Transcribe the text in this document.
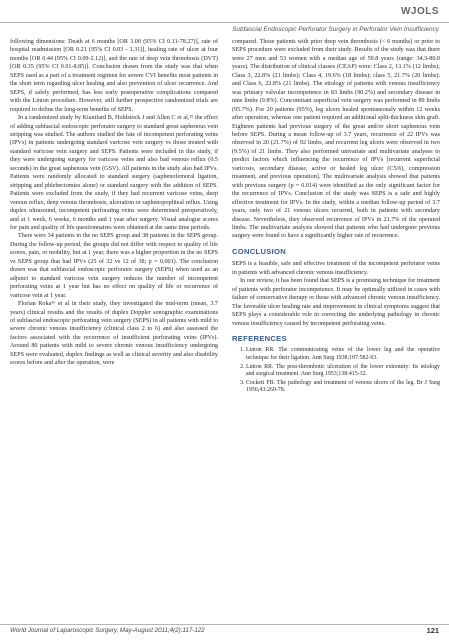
WJOLS
Subfascial Endoscopic Perforator Surgery in Perforator Vein Insufficiency

following dimensions: Death at 6 months [OR 3.00 (95% CI 0.11-78.27)], rate of hospital readmission [OR 0.21 (95% CI 0.03 - 1.31)], healing rate of ulcer at four months [OR 0.44 (95% CI 0.09-2.12)], and the rate of deep vein thrombosis (DVT) [OR 0.35 (95% CI 0.01-8.85)]. Conclusion drawn from the study was that when SEPS used as a part of a treatment regimen for severe CVI benefits most patients in the short term regarding ulcer healing and also prevention of ulcer recurrence. And SEPS, if safely performed, has less early postoperative complications compared with the Linton procedure. However, still further prospective randomized trials are required to define the long-term benefits of SEPS.

In a randomized study by Kianifard B, Holdstock J and Allen C et al,¹⁵ the effect of adding subfascial endoscopic perforator surgery to standard great saphenous vein stripping was studied. The authors studied the fate of incompetent perforating veins (IPVs) in patients undergoing standard varicose vein surgery vs those treated with standard varicose vein surgery and SEPS. Patients were included in this study, if they were undergoing surgery for varicose veins and also had venous reflux (0.5 seconds) in the great saphenous vein (GSV). All patients in the study also had IPVs. Patients were randomly allocated to standard surgery (saphenofemoral ligation, stripping and phlebectomies alone) or standard surgery with the addition of SEPS. Patients were excluded from the study, if they had recurrent varicose veins, deep venous reflux, deep venous thrombosis, ulceration or saphenopopliteal reflux. Using duplex ultrasound, incompetent perforating veins were determined preoperatively, and at 1 week, 6 weeks, 6 months and 1 year after surgery. Visual analogue scores for pain and quality of life questionnaires were obtained at the same time periods.

There were 34 patients in the no SEPS group and 38 patients in the SEPS group. During the follow-up period, the groups did not differ with respect to quality of life scores, pain, or mobility, but at 1 year, there was a higher proportion in the no SEPS vs SEPS group that had IPVs (25 of 32 vs 12 of 38; p = 0.001). The conclusion drawn was that subfascial endoscopic perforator surgery (SEPS) when used as an adjunct to standard varicose vein surgery reduces the number of incompetent perforating veins at 1 year but has no effect on quality of life or recurrence of varicose vein at 1 year.

Florian Roka¹⁶ et al in their study, they investigated the mid-term (mean, 3.7 years) clinical results and the results of duplex Doppler sonographic examinations of subfascial endoscopic perforating vein surgery (SEPS) in all patients with mild to severe chronic venous insufficiency (clinical class 2 to 6) and also assessed the factors associated with the recurrence of insufficient perforating veins (IPVs). Around 80 patients with mild to severe chronic venous insufficiency undergoing SEPS were evaluated, duplex findings as well as clinical severity and also disability scores before and after the operation, were

compared. Those patients with prior deep vein thrombosis (< 6 months) or prior to SEPS procedure were excluded from their study. Results of the study was that there were 27 men and 53 women with a median age of 59.8 years (range: 34.3-80.0 years). The distribution of clinical classes (CEAP) were: Class 2, 13.1% (12 limbs); Class 3, 22.8% (21 limbs); Class 4, 19.6% (18 limbs); class 5, 21.7% (20 limbs); and Class 6, 22.8% (21 limbs). The etiology of patients with venous insufficiency was primary valvular incompetence in 83 limbs (90.2%) and secondary disease in nine limbs (9.8%). Concomitant superficial vein surgery was performed in 89 limbs (95.7%). For 20 patients (95%), leg ulcers healed spontaneously within 12 weeks after operation, whereas one patient required an additional split-thickness skin graft. Eighteen patients had previous surgery of the great and/or short saphenous vein before SEPS. During a mean follow-up of 3.7 years, recurrence of 22 IPVs was observed in 20 (21.7%) of 92 limbs, and recurrent leg ulcers were observed in two (9.5%) of 21 limbs. They also performed univariate and multivariate analyses to predict factors which influencing the recurrence of IPVs [recurrent superficial varicosis, secondary disease, active or healed leg ulcer (C5/6), compression treatment, and previous operation]. The multivariate analysis showed that patients with previous surgery (p = 0.014) were identified as the only significant factor for the recurrence of IPVs. Conclusion of the study was SEPS is a safe and highly effective treatment for IPVs. In the study, within a median follow-up period of 3.7 years, only two of 21 venous ulcers recurred, both in patients with secondary disease. Nevertheless, they observed recurrence of IPVs in 21.7% of the operated limbs. The multivariate analysis showed that patients who had undergone previous surgery were found to have a significantly higher rate of recurrence.

CONCLUSION

SEPS is a feasible, safe and effective treatment of the incompetent perforator veins in patients with advanced chronic venous insufficiency.

In our review, it has been found that SEPS is a promising technique for treatment of patients with perforator incompetence. It may be optimally utilized in cases with failure of conservative therapy or those with advanced chronic venous insufficiency. The favorable ulcer healing rate and improvement in clinical symptoms suggest that SEPS plays a considerable role in correcting the underlying pathology in chronic venous insufficiency caused by incompetent perforating veins.

REFERENCES
1. Linton RR. The communicating veins of the lower leg and the operative technique for their ligation. Ann Surg 1938;107:582-93.
2. Linton RR. The post-thrombotic ulceration of the lower extremity: Its etiology and surgical treatment. Ann Surg 1953;138:415-32.
3. Cockett FB. The pathology and treatment of venous ulcers of the leg. Br J Surg 1956;43:260-78.
World Journal of Laparoscopic Surgery, May-August 2011;4(2):117-122	121
